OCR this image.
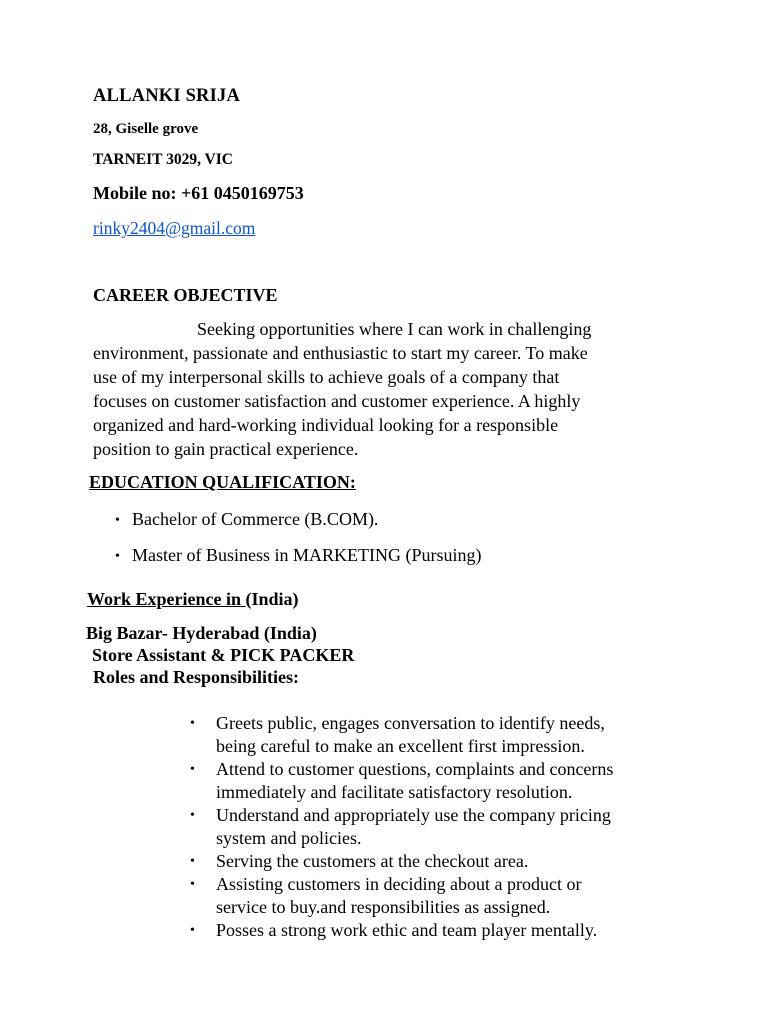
ALLANKI SRIJA
28, Giselle grove
TARNEIT 3029, VIC
Mobile no: +61 0450169753
rinky2404@gmail.com
CAREER OBJECTIVE
Seeking opportunities where I can work in challenging
environment, passionate and enthusiastic to start my career. To make
use of my interpersonal skills to achieve goals of a company that
focuses on customer satisfaction and customer experience. A highly
organized and hard-working individual looking for a responsible
position to gain practical experience.
EDUCATION QUALIFICATION:
• Bachelor of Commerce (B.COM).
• Master of Business in MARKETING (Pursuing)
Work Experience in (India)
Big Bazar- Hyderabad (India)
Store Assistant & PICK PACKER
Roles and Responsibilities:
• Greets public, engages conversation to identify needs,
being careful to make an excellent first impression.
• Attend to customer questions, complaints and concerns
immediately and facilitate satisfactory resolution.
• Understand and appropriately use the company pricing
system and policies.
• Serving the customers at the checkout area.
• Assisting customers in deciding about a product or
service to buy.and responsibilities as assigned.
• Posses a strong work ethic and team player mentally.
